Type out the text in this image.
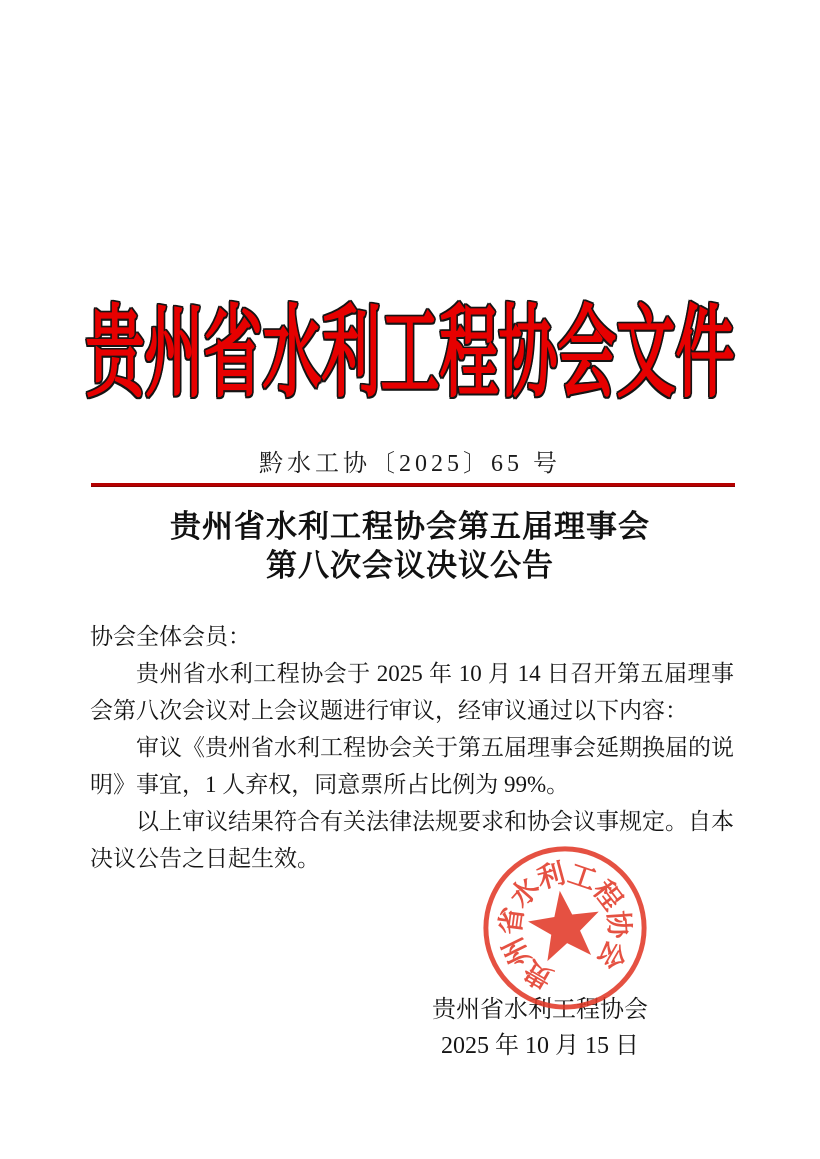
贵州省水利工程协会文件
黔水工协〔2025〕65 号
贵州省水利工程协会第五届理事会
第八次会议决议公告

协会全体会员：

贵州省水利工程协会于 2025 年 10 月 14 日召开第五届理事会第八次会议对上会议题进行审议，经审议通过以下内容：

审议《贵州省水利工程协会关于第五届理事会延期换届的说明》事宜，1 人弃权，同意票所占比例为 99%。

以上审议结果符合有关法律法规要求和协会议事规定。自本决议公告之日起生效。

贵州省水利工程协会
2025 年 10 月 15 日
贵
州
省
水
利
工
程
协
会
